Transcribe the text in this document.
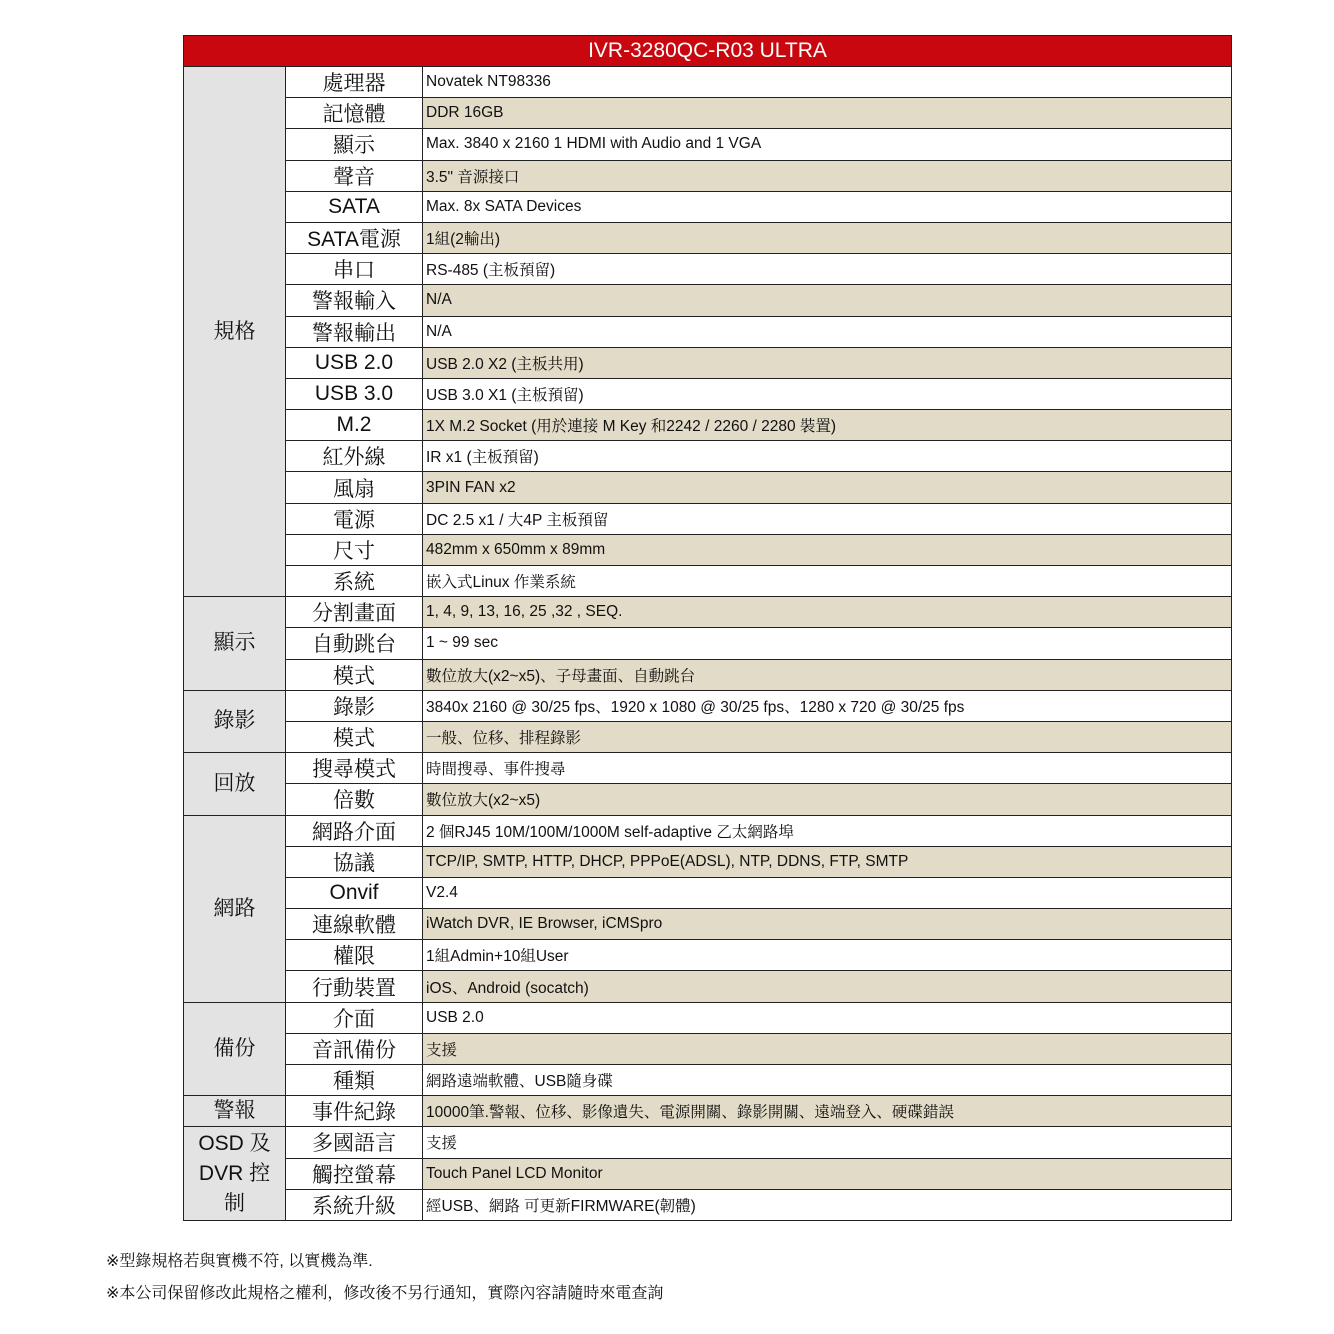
IVR-3280QC-R03 ULTRA		
規格	處理器	Novatek NT98336
	記憶體	DDR 16GB
	顯示	Max. 3840 x 2160 1 HDMI with Audio and 1 VGA
	聲音	3.5" 音源接口
	SATA	Max. 8x SATA Devices
	SATA電源	1組(2輸出)
	串口	RS-485 (主板預留)
	警報輸入	N/A
	警報輸出	N/A
	USB 2.0	USB 2.0 X2 (主板共用)
	USB 3.0	USB 3.0 X1 (主板預留)
	M.2	1X M.2 Socket (用於連接 M Key 和2242 / 2260 / 2280 裝置)
	紅外線	IR x1 (主板預留)
	風扇	3PIN FAN x2
	電源	DC 2.5 x1 / 大4P 主板預留
	尺寸	482mm x 650mm x 89mm
	系統	嵌入式Linux 作業系統
顯示	分割畫面	1, 4, 9, 13, 16, 25 ,32 , SEQ.
	自動跳台	1 ~ 99 sec
	模式	數位放大(x2~x5)、子母畫面、自動跳台
錄影	錄影	3840x 2160 @ 30/25 fps、1920 x 1080 @ 30/25 fps、1280 x 720 @ 30/25 fps
	模式	一般、位移、排程錄影
回放	搜尋模式	時間搜尋、事件搜尋
	倍數	數位放大(x2~x5)
網路	網路介面	2 個RJ45 10M/100M/1000M self-adaptive 乙太網路埠
	協議	TCP/IP, SMTP, HTTP, DHCP, PPPoE(ADSL), NTP, DDNS, FTP, SMTP
	Onvif	V2.4
	連線軟體	iWatch DVR, IE Browser, iCMSpro
	權限	1組Admin+10組User
	行動裝置	iOS、Android (socatch)
備份	介面	USB 2.0
	音訊備份	支援
	種類	網路遠端軟體、USB隨身碟
警報	事件紀錄	10000筆.警報、位移、影像遺失、電源開關、錄影開關、遠端登入、硬碟錯誤
OSD 及
DVR 控
制	多國語言	支援
	觸控螢幕	Touch Panel LCD Monitor
	系統升級	經USB、網路 可更新FIRMWARE(韌體)
※型錄規格若與實機不符, 以實機為準.
※本公司保留修改此規格之權利，修改後不另行通知，實際內容請隨時來電查詢
